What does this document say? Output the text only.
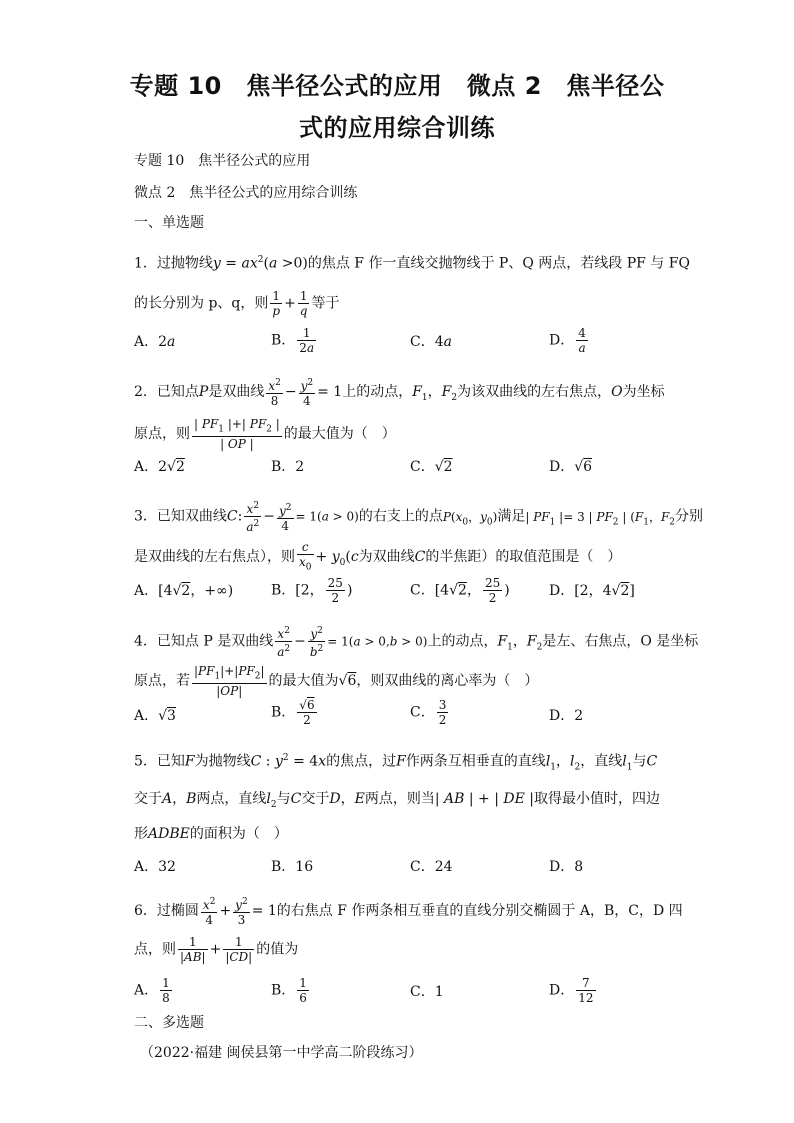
专题 10　焦半径公式的应用　微点 2　焦半径公
式的应用综合训练
专题 10　焦半径公式的应用
微点 2　焦半径公式的应用综合训练
一、单选题
1．过抛物线$y = ax^2(a >0)$的焦点 F 作一直线交抛物线于 P、Q 两点，若线段 PF 与 FQ
的长分别为 p、q，则 $\frac{1}{p} + \frac{1}{q}$ 等于
A．2a	B． $\frac{1}{2a}$	C．4a	D． $\frac{4}{a}$
2．已知点P是双曲线 $\frac{x^2}{8} - \frac{y^2}{4} = 1$上的动点，$F_1$，$F_2$为该双曲线的左右焦点，O为坐标
原点，则 $\frac{| PF_1 |+| PF_2 |}{| OP |}$ 的最大值为（　）
A．2√2	B．2	C．√2	D．√6
3．已知双曲线C: $\frac{x^2}{a^2} - \frac{y^2}{4} = 1(a > 0)$的右支上的点$P(x_0$，$y_0$)满足| $PF_1$ |= 3 | $PF_2$ | ($F_1$，$F_2$分别
是双曲线的左右焦点），则 $\frac{c}{x_0} + y_0(c$为双曲线C的半焦距）的取值范围是（　）
A．[4√2，+∞)	B．[2， $\frac{25}{2}$ )	C．[4√2， $\frac{25}{2}$ )	D．[2，4√2]
4．已知点 P 是双曲线 $\frac{x^2}{a^2} - \frac{y^2}{b^2} = 1(a > 0,b > 0)$上的动点，$F_1$，$F_2$是左、右焦点，O 是坐标
原点，若 $\frac{|PF_1|+|PF_2|}{|OP|}$ 的最大值为√6，则双曲线的离心率为（　）
A．√3	B． $\frac{√6}{2}$	C． $\frac{3}{2}$	D．2
5．已知F为抛物线C : $y^2 = 4x$的焦点，过F作两条互相垂直的直线$l_1$，$l_2$，直线$l_1$与C
交于A，B两点，直线$l_2$与C交于D，E两点，则当| AB | + | DE |取得最小值时，四边
形ADBE的面积为（　）
A．32	B．16	C．24	D．8
6．过椭圆 $\frac{x^2}{4} + \frac{y^2}{3} = 1$的右焦点 F 作两条相互垂直的直线分别交椭圆于 A，B，C，D 四
点，则 $\frac{1}{|AB|} + \frac{1}{|CD|}$ 的值为
A． $\frac{1}{8}$	B． $\frac{1}{6}$	C．1	D． $\frac{7}{12}$
二、多选题
（2022·福建 闽侯县第一中学高二阶段练习）
